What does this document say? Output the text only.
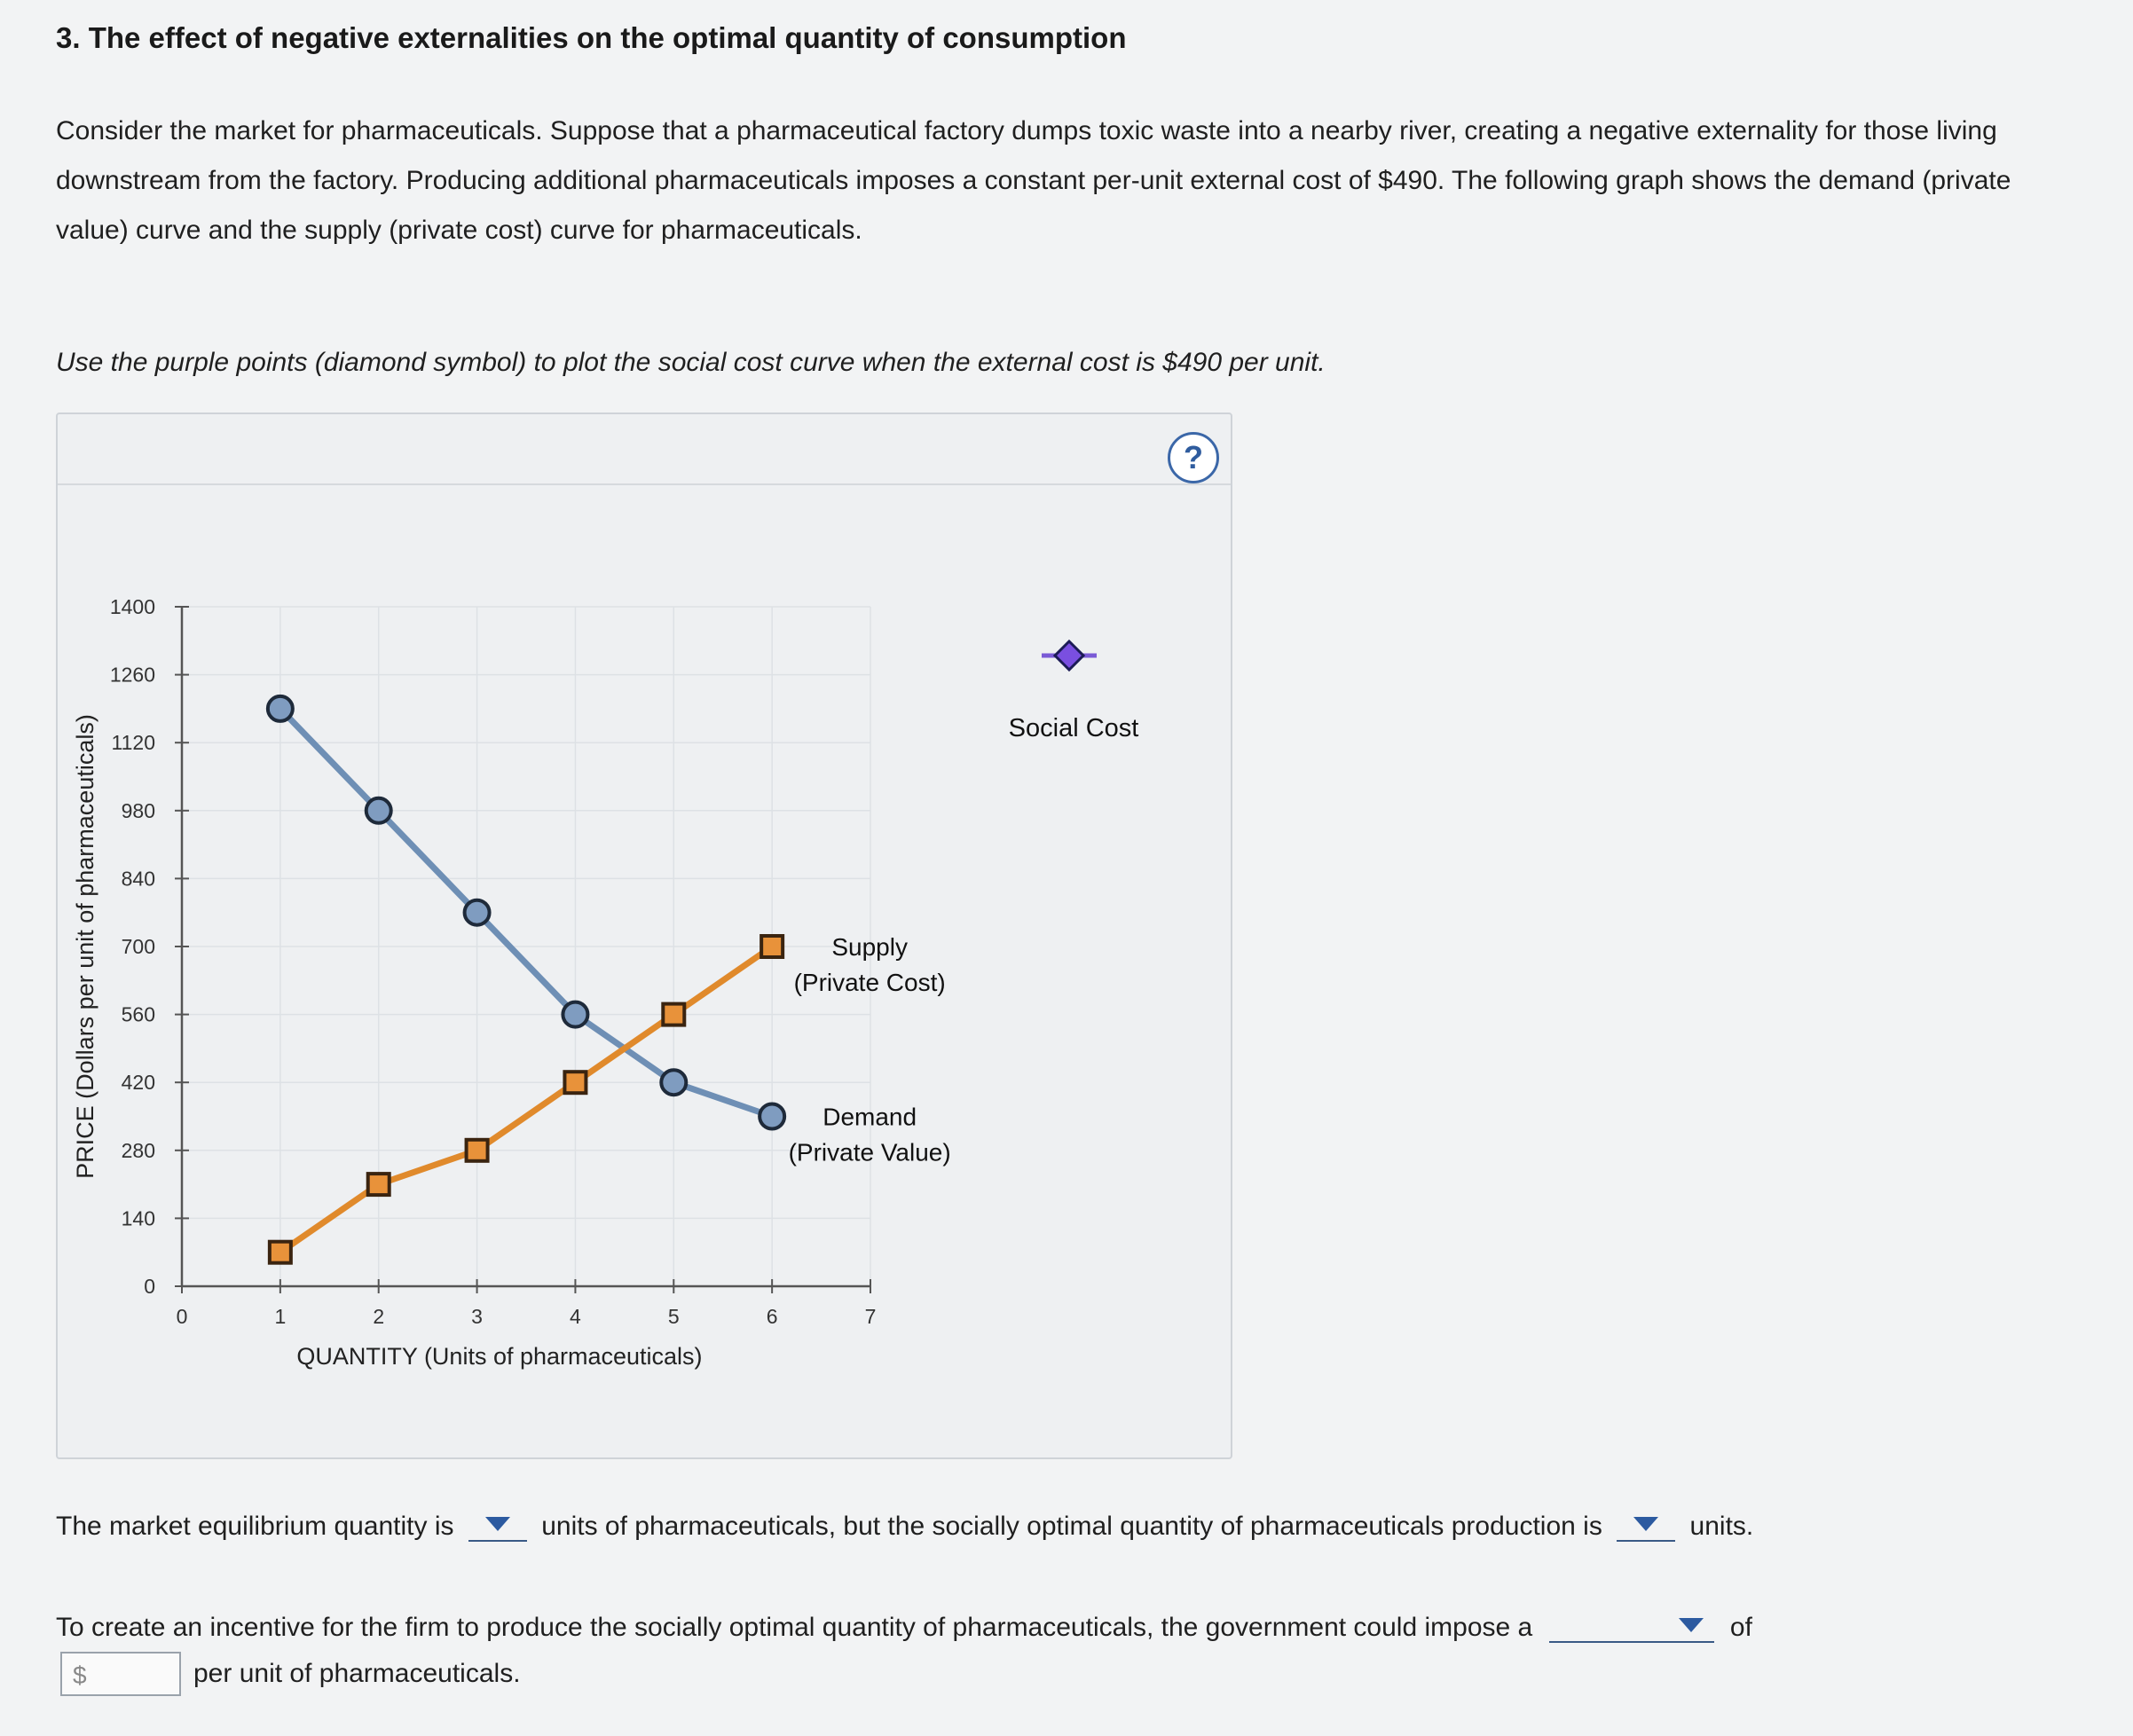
3. The effect of negative externalities on the optimal quantity of consumption
Consider the market for pharmaceuticals. Suppose that a pharmaceutical factory dumps toxic waste into a nearby river, creating a negative externality for those living downstream from the factory. Producing additional pharmaceuticals imposes a constant per-unit external cost of $490. The following graph shows the demand (private value) curve and the supply (private cost) curve for pharmaceuticals.
Use the purple points (diamond symbol) to plot the social cost curve when the external cost is $490 per unit.
?
0
140
280
420
560
700
840
980
1120
1260
1400
0	1	2	3	4	5	6	7
QUANTITY (Units of pharmaceuticals)
PRICE (Dollars per unit of pharmaceuticals)	Demand
(Private Value)
Supply
(Private Cost)
Social Cost
The market equilibrium quantity is	units of pharmaceuticals, but the socially optimal quantity of pharmaceuticals production is	units.
To create an incentive for the firm to produce the socially optimal quantity of pharmaceuticals, the government could impose a	of
$	per unit of pharmaceuticals.
